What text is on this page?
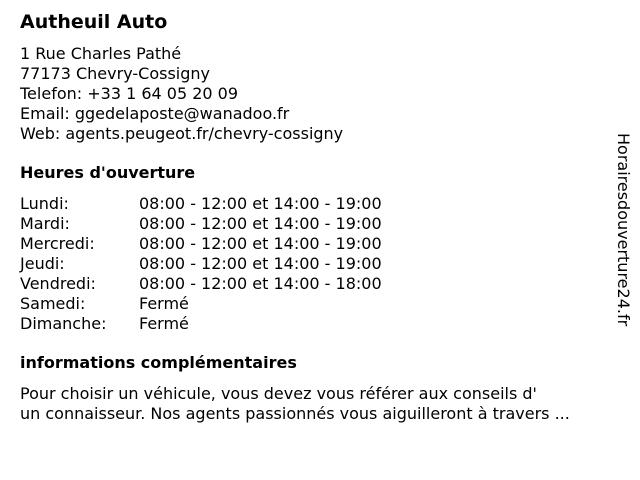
Autheuil Auto
1 Rue Charles Pathé
77173 Chevry-Cossigny
Telefon: +33 1 64 05 20 09
Email: ggedelaposte@wanadoo.fr
Web: agents.peugeot.fr/chevry-cossigny
Heures d'ouverture
Lundi:	08:00 - 12:00 et 14:00 - 19:00
Mardi:	08:00 - 12:00 et 14:00 - 19:00
Mercredi:	08:00 - 12:00 et 14:00 - 19:00
Jeudi:	08:00 - 12:00 et 14:00 - 19:00
Vendredi:	08:00 - 12:00 et 14:00 - 18:00
Samedi:	Fermé
Dimanche: Fermé
informations complémentaires
Pour choisir un véhicule, vous devez vous référer aux conseils d'
un connaisseur. Nos agents passionnés vous aiguilleront à travers ...
Horairesdouverture24.fr
